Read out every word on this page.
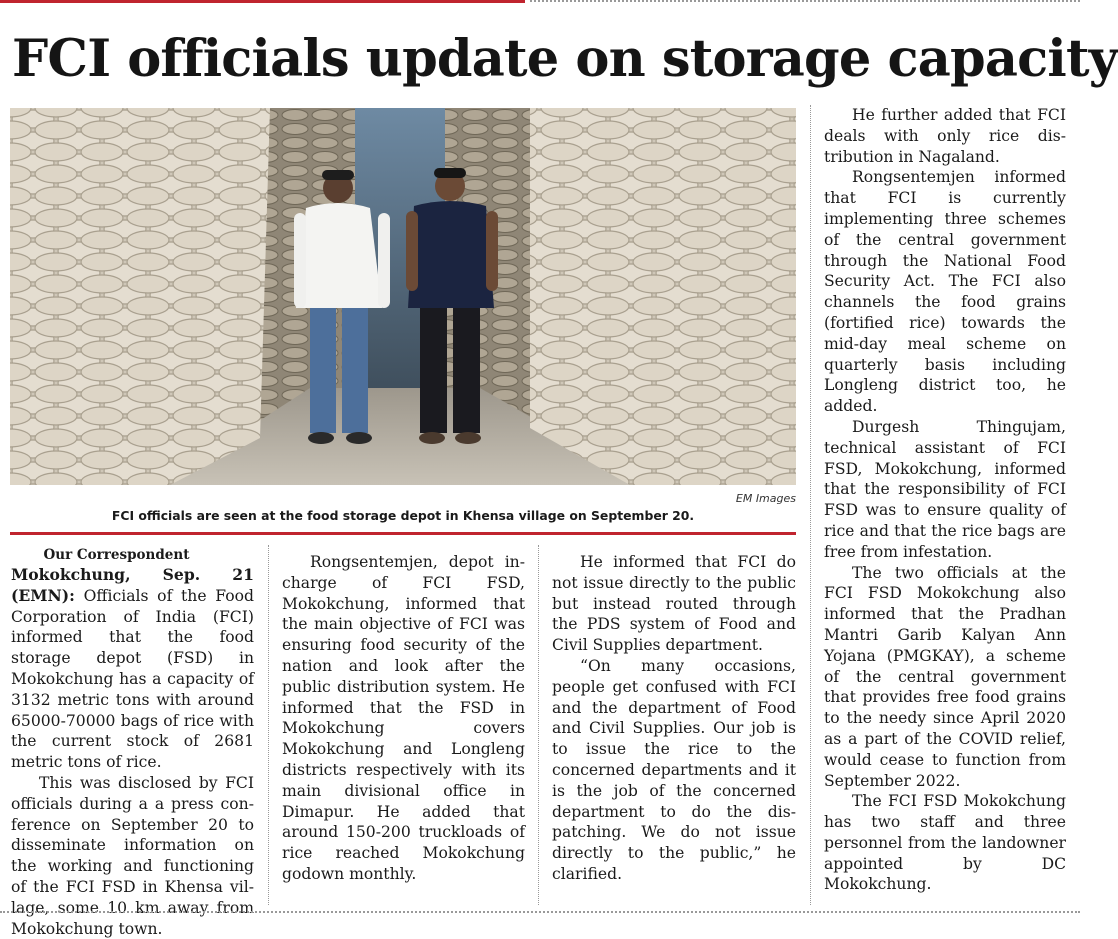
FCI officials update on storage capacity
EM Images
FCI officials are seen at the food storage depot in Khensa village on September 20.

Our Correspondent

Mokokchung, Sep. 21 (EMN): Officials of the Food Corporation of India (FCI) informed that the food storage depot (FSD) in Mokokchung has a capacity of 3132 metric tons with around 65000-70000 bags of rice with the current stock of 2681 metric tons of rice.

This was disclosed by FCI officials during a a press conference on September 20 to disseminate information on the working and functioning of the FCI FSD in Khensa village, some 10 km away from Mokokchung town.

Rongsentemjen, depot in-charge of FCI FSD, Mokokchung, informed that the main objective of FCI was ensuring food security of the nation and look after the public distribution system. He informed that the FSD in Mokokchung covers Mokokchung and Longleng districts respectively with its main divisional office in Dimapur. He added that around 150-200 truckloads of rice reached Mokokchung godown monthly.

He informed that FCI do not issue directly to the public but instead routed through the PDS system of Food and Civil Supplies department.

“On many occasions, people get confused with FCI and the department of Food and Civil Supplies. Our job is to issue the rice to the concerned departments and it is the job of the concerned department to do the dispatching. We do not issue directly to the public,” he clarified.

He further added that FCI deals with only rice distribution in Nagaland.

Rongsentemjen informed that FCI is currently implementing three schemes of the central government through the National Food Security Act. The FCI also channels the food grains (fortified rice) towards the mid-day meal scheme on quarterly basis including Longleng district too, he added.

Durgesh Thingujam, technical assistant of FCI FSD, Mokokchung, informed that the responsibility of FCI FSD was to ensure quality of rice and that the rice bags are free from infestation.

The two officials at the FCI FSD Mokokchung also informed that the Pradhan Mantri Garib Kalyan Ann Yojana (PMGKAY), a scheme of the central government that provides free food grains to the needy since April 2020 as a part of the COVID relief, would cease to function from September 2022.

The FCI FSD Mokokchung has two staff and three personnel from the landowner appointed by DC Mokokchung.
